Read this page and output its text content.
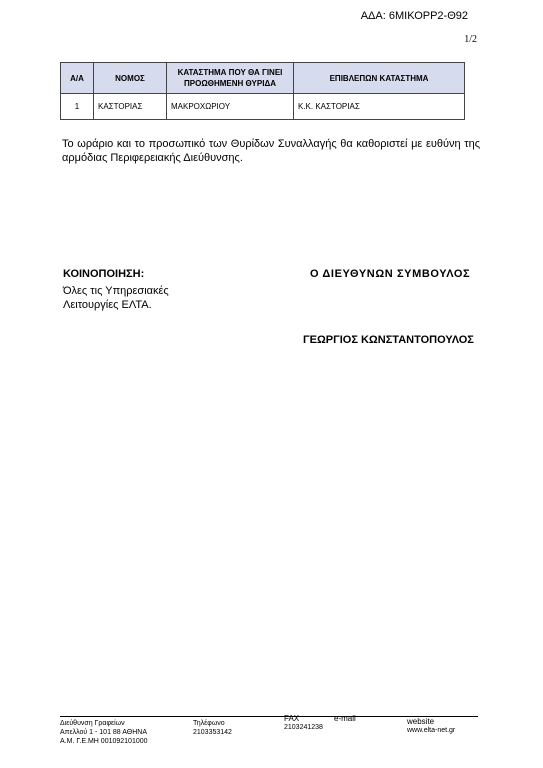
ΑΔΑ: 6ΜΙΚΟΡΡ2-Θ92
1/2
Α/Α	ΝΟΜΟΣ	ΚΑΤΑΣΤΗΜΑ ΠΟΥ ΘΑ ΓΙΝΕΙ ΠΡΟΩΘΗΜΕΝΗ ΘΥΡΙΔΑ	ΕΠΙΒΛΕΠΩΝ ΚΑΤΑΣΤΗΜΑ
1	ΚΑΣΤΟΡΙΑΣ	ΜΑΚΡΟΧΩΡΙΟΥ	Κ.Κ. ΚΑΣΤΟΡΙΑΣ
Το ωράριο και το προσωπικό των Θυρίδων Συναλλαγής θα καθοριστεί με ευθύνη της αρμόδιας Περιφερειακής Διεύθυνσης.
ΚΟΙΝΟΠΟΙΗΣΗ:
Όλες τις Υπηρεσιακές
Λειτουργίες ΕΛΤΑ.
Ο ΔΙΕΥΘΥΝΩΝ ΣΥΜΒΟΥΛΟΣ
ΓΕΩΡΓΙΟΣ ΚΩΝΣΤΑΝΤΟΠΟΥΛΟΣ
Διεύθυνση Γραφείων
Απελλού 1 - 101 88 ΑΘΗΝΑ
Α.Μ. Γ.Ε.ΜΗ 001092101000
Τηλέφωνο
2103353142
FAX
2103241238
e-mail	website
www.elta-net.gr
